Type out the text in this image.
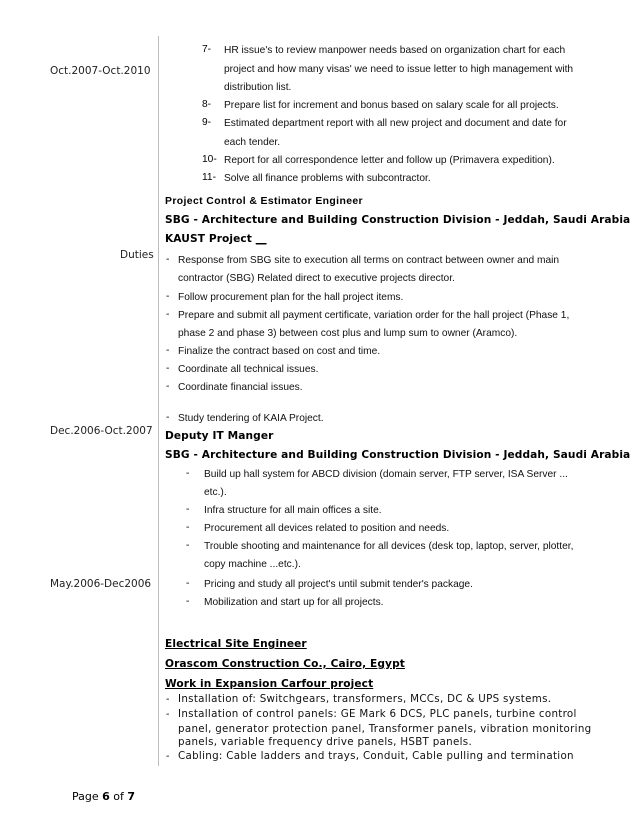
Oct.2007-Oct.2010
Duties
Dec.2006-Oct.2007
May.2006-Dec2006
7- HR issue's to review manpower needs based on organization chart for each
project and how many visas' we need to issue letter to high management with
distribution list.
8- Prepare list for increment and bonus based on salary scale for all projects.
9- Estimated department report with all new project and document and date for
each tender.
10- Report for all correspondence letter and follow up (Primavera expedition).
11- Solve all finance problems with subcontractor.
Project Control & Estimator Engineer
SBG - Architecture and Building Construction Division - Jeddah, Saudi Arabia
KAUST Project __
- Response from SBG site to execution all terms on contract between owner and main
contractor (SBG) Related direct to executive projects director.
- Follow procurement plan for the hall project items.
- Prepare and submit all payment certificate, variation order for the hall project (Phase 1,
phase 2 and phase 3) between cost plus and lump sum to owner (Aramco).
- Finalize the contract based on cost and time.
- Coordinate all technical issues.
- Coordinate financial issues.
- Study tendering of KAIA Project.
Deputy IT Manger
SBG - Architecture and Building Construction Division - Jeddah, Saudi Arabia
- Build up hall system for ABCD division (domain server, FTP server, ISA Server ...
etc.).
- Infra structure for all main offices a site.
- Procurement all devices related to position and needs.
- Trouble shooting and maintenance for all devices (desk top, laptop, server, plotter,
copy machine ...etc.).
- Pricing and study all project's until submit tender's package.
- Mobilization and start up for all projects.
Electrical Site Engineer
Orascom Construction Co., Cairo, Egypt
Work in Expansion Carfour project
- Installation of: Switchgears, transformers, MCCs, DC & UPS systems.
- Installation of control panels: GE Mark 6 DCS, PLC panels, turbine control
panel, generator protection panel, Transformer panels, vibration monitoring
panels, variable frequency drive panels, HSBT panels.
- Cabling: Cable ladders and trays, Conduit, Cable pulling and termination
Page 6 of 7
